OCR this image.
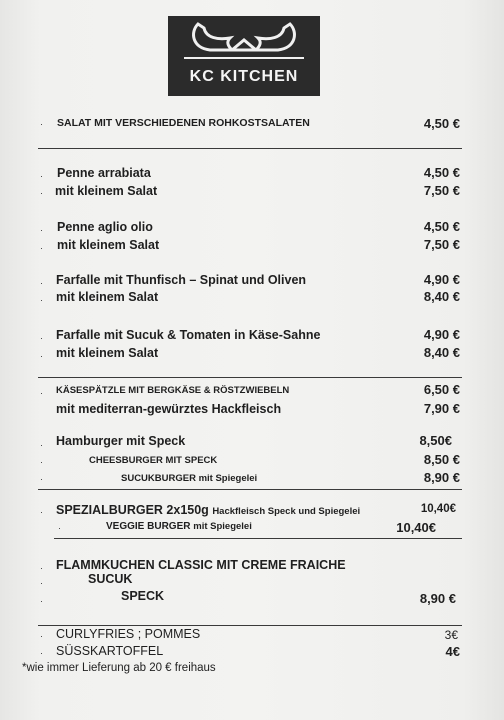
KC KITCHEN
· SALAT MIT VERSCHIEDENEN ROHKOSTSALATEN	4,50 €
· Penne arrabiata	4,50 €
· mit kleinem Salat	7,50 €
· Penne aglio olio	4,50 €
· mit kleinem Salat	7,50 €
· Farfalle mit Thunfisch – Spinat und Oliven	4,90 €
· mit kleinem Salat	8,40 €
· Farfalle mit Sucuk & Tomaten in Käse-Sahne	4,90 €
· mit kleinem Salat	8,40 €
· KÄSESPÄTZLE MIT BERGKÄSE & RÖSTZWIEBELN	6,50 €
mit mediterran-gewürztes Hackfleisch	7,90 €
· Hamburger mit Speck	8,50€
·	CHEESBURGER MIT SPECK	8,50 €
·	SUCUKBURGER mit Spiegelei	8,90 €
· SPEZIALBURGER 2x150g Hackfleisch Speck und Spiegelei	10,40€
·	VEGGIE BURGER mit Spiegelei	10,40€
· FLAMMKUCHEN CLASSIC MIT CREME FRAICHE
·	SUCUK
·	SPECK	8,90 €
· CURLYFRIES ; POMMES	3€
· SÜSSKARTOFFEL	4€
*wie immer Lieferung ab 20 € freihaus
